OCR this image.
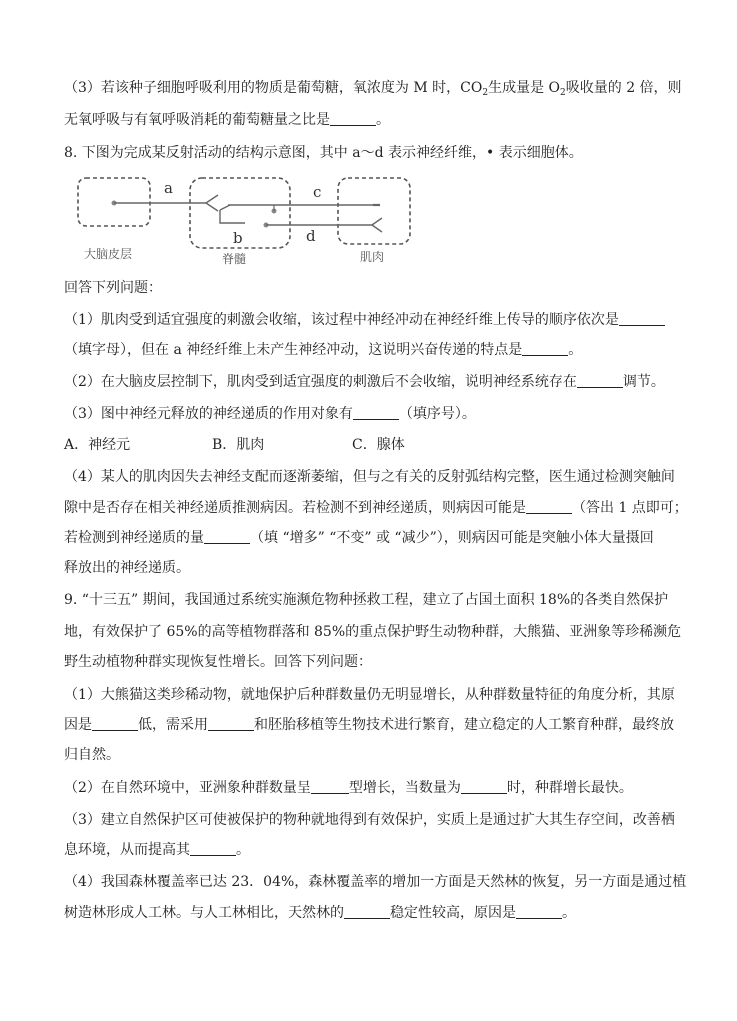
（3）若该种子细胞呼吸利用的物质是葡萄糖，氧浓度为 M 时，$CO_2$生成量是 $O_2$吸收量的 2 倍，则
无氧呼吸与有氧呼吸消耗的葡萄糖量之比是	。
8. 下图为完成某反射活动的结构示意图，其中 a～d 表示神经纤维，• 表示细胞体。
a
b
c
d
大脑皮层	脊髓	肌肉
回答下列问题：
（1）肌肉受到适宜强度的刺激会收缩，该过程中神经冲动在神经纤维上传导的顺序依次是
（填字母），但在 a 神经纤维上未产生神经冲动，这说明兴奋传递的特点是	。
（2）在大脑皮层控制下，肌肉受到适宜强度的刺激后不会收缩，说明神经系统存在	调节。
（3）图中神经元释放的神经递质的作用对象有	（填序号）。
A．神经元	B．肌肉	C．腺体
（4）某人的肌肉因失去神经支配而逐渐萎缩，但与之有关的反射弧结构完整，医生通过检测突触间
隙中是否存在相关神经递质推测病因。若检测不到神经递质，则病因可能是	（答出 1 点即可；
若检测到神经递质的量	（填 “增多” “不变” 或 “减少”），则病因可能是突触小体大量摄回
释放出的神经递质。
9. “十三五” 期间，我国通过系统实施濒危物种拯救工程，建立了占国土面积 18%的各类自然保护
地，有效保护了 65%的高等植物群落和 85%的重点保护野生动物种群，大熊猫、亚洲象等珍稀濒危
野生动植物种群实现恢复性增长。回答下列问题：
（1）大熊猫这类珍稀动物，就地保护后种群数量仍无明显增长，从种群数量特征的角度分析，其原
因是	低，需采用	和胚胎移植等生物技术进行繁育，建立稳定的人工繁育种群，最终放
归自然。
（2）在自然环境中，亚洲象种群数量呈	型增长，当数量为	时，种群增长最快。
（3）建立自然保护区可使被保护的物种就地得到有效保护，实质上是通过扩大其生存空间，改善栖
息环境，从而提高其	。
（4）我国森林覆盖率已达 23．04%，森林覆盖率的增加一方面是天然林的恢复，另一方面是通过植
树造林形成人工林。与人工林相比，天然林的	稳定性较高，原因是	。
